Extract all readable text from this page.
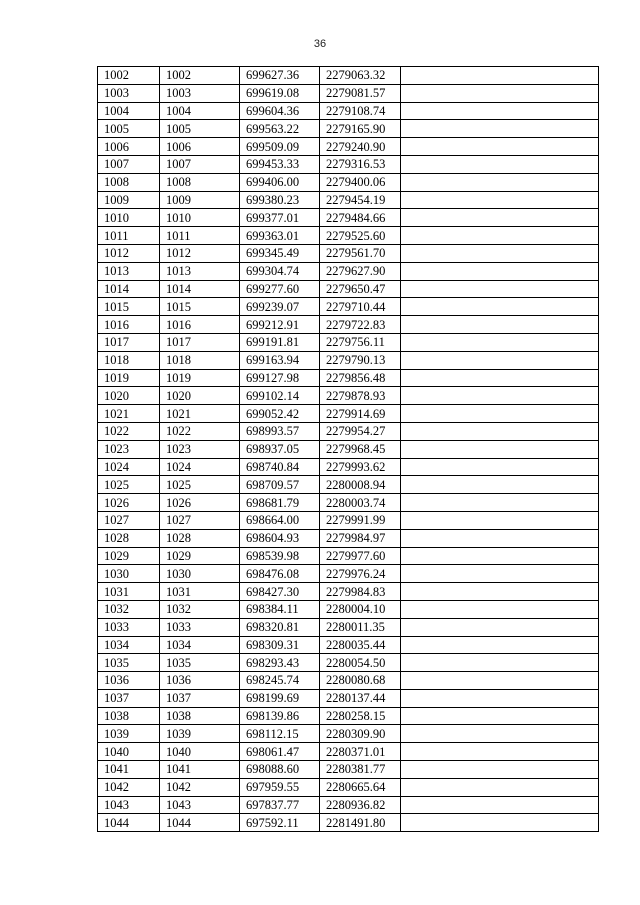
36
1002	1002	699627.36	2279063.32	
1003	1003	699619.08	2279081.57	
1004	1004	699604.36	2279108.74	
1005	1005	699563.22	2279165.90	
1006	1006	699509.09	2279240.90	
1007	1007	699453.33	2279316.53	
1008	1008	699406.00	2279400.06	
1009	1009	699380.23	2279454.19	
1010	1010	699377.01	2279484.66	
1011	1011	699363.01	2279525.60	
1012	1012	699345.49	2279561.70	
1013	1013	699304.74	2279627.90	
1014	1014	699277.60	2279650.47	
1015	1015	699239.07	2279710.44	
1016	1016	699212.91	2279722.83	
1017	1017	699191.81	2279756.11	
1018	1018	699163.94	2279790.13	
1019	1019	699127.98	2279856.48	
1020	1020	699102.14	2279878.93	
1021	1021	699052.42	2279914.69	
1022	1022	698993.57	2279954.27	
1023	1023	698937.05	2279968.45	
1024	1024	698740.84	2279993.62	
1025	1025	698709.57	2280008.94	
1026	1026	698681.79	2280003.74	
1027	1027	698664.00	2279991.99	
1028	1028	698604.93	2279984.97	
1029	1029	698539.98	2279977.60	
1030	1030	698476.08	2279976.24	
1031	1031	698427.30	2279984.83	
1032	1032	698384.11	2280004.10	
1033	1033	698320.81	2280011.35	
1034	1034	698309.31	2280035.44	
1035	1035	698293.43	2280054.50	
1036	1036	698245.74	2280080.68	
1037	1037	698199.69	2280137.44	
1038	1038	698139.86	2280258.15	
1039	1039	698112.15	2280309.90	
1040	1040	698061.47	2280371.01	
1041	1041	698088.60	2280381.77	
1042	1042	697959.55	2280665.64	
1043	1043	697837.77	2280936.82	
1044	1044	697592.11	2281491.80	
